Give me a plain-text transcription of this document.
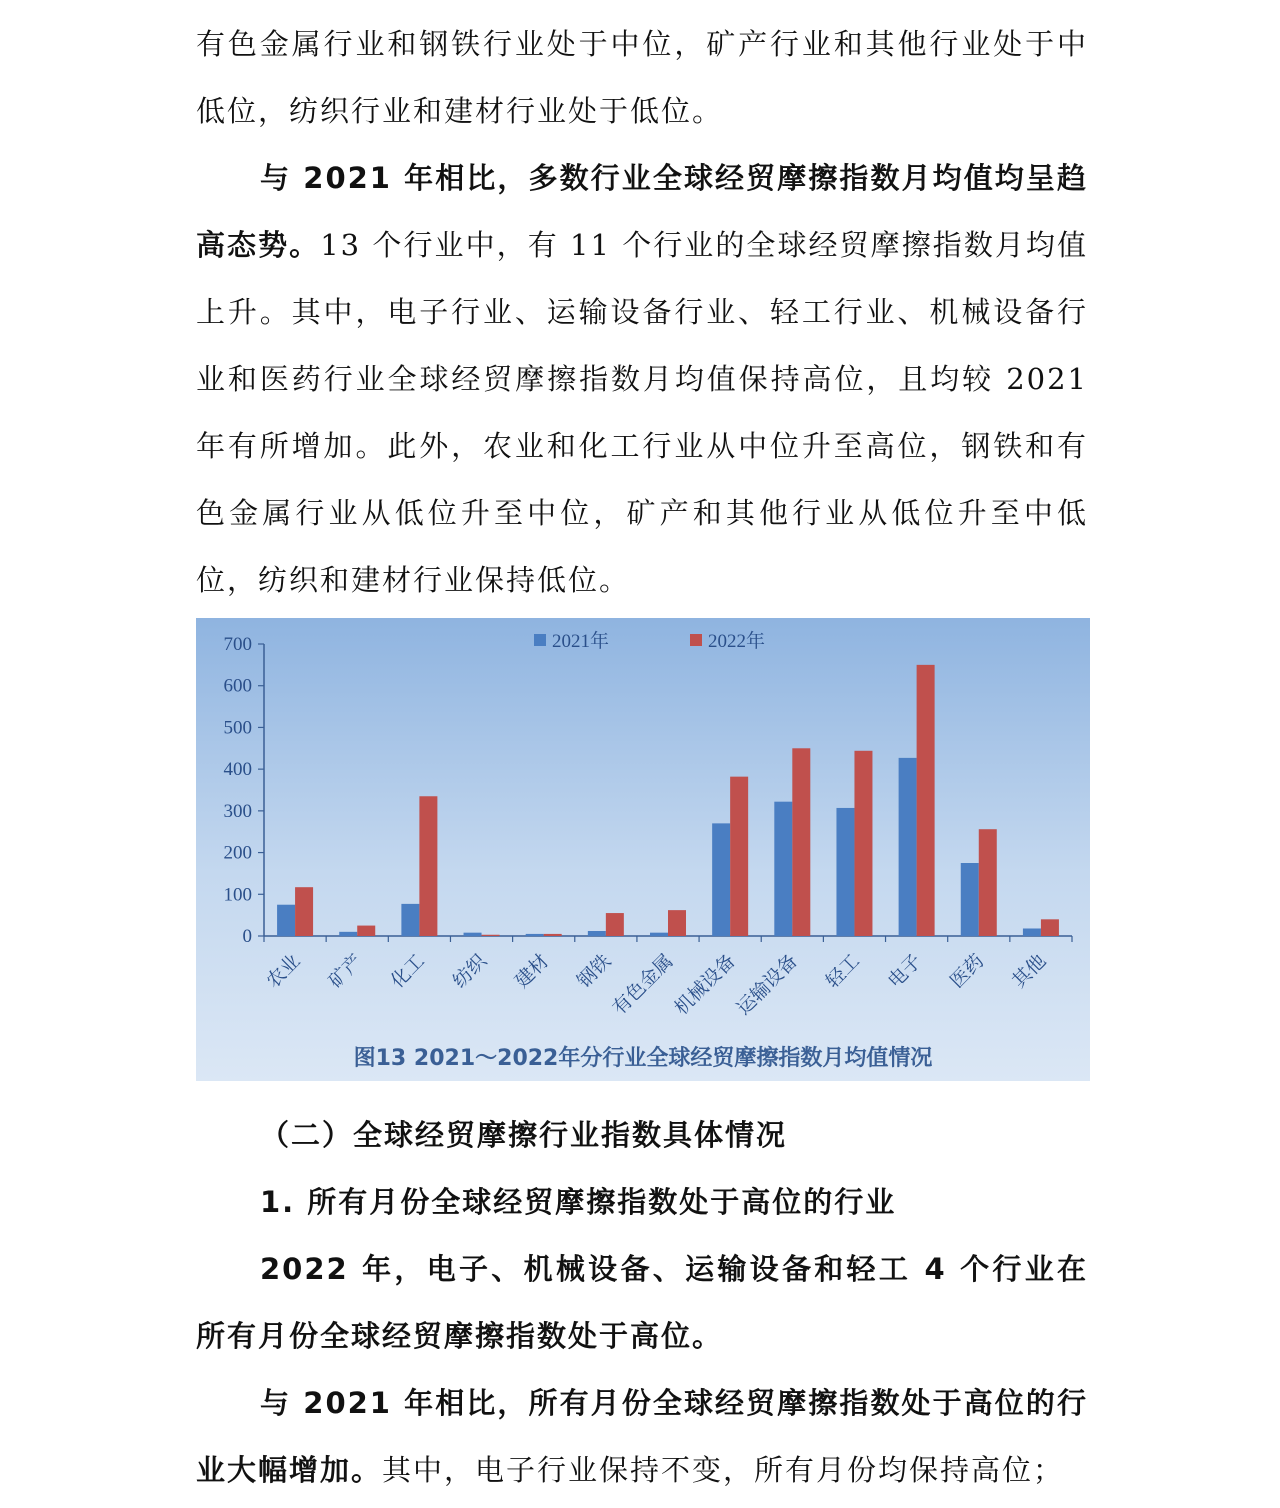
有色金属行业和钢铁行业处于中位，矿产行业和其他行业处于中低位，纺织行业和建材行业处于低位。

与 2021 年相比，多数行业全球经贸摩擦指数月均值均呈趋高态势。13 个行业中，有 11 个行业的全球经贸摩擦指数月均值上升。其中，电子行业、运输设备行业、轻工行业、机械设备行业和医药行业全球经贸摩擦指数月均值保持高位，且均较 2021 年有所增加。此外，农业和化工行业从中位升至高位，钢铁和有色金属行业从低位升至中位，矿产和其他行业从低位升至中低位，纺织和建材行业保持低位。

2021年	2022年
0
100
200
300
400
500
600
700
农业 矿产 化工 纺织 建材 钢铁
有色金属
机械设备
运输设备 轻工 电子 医药 其他
图13 2021～2022年分行业全球经贸摩擦指数月均值情况

（二）全球经贸摩擦行业指数具体情况

1. 所有月份全球经贸摩擦指数处于高位的行业

2022 年，电子、机械设备、运输设备和轻工 4 个行业在所有月份全球经贸摩擦指数处于高位。

与 2021 年相比，所有月份全球经贸摩擦指数处于高位的行业大幅增加。其中，电子行业保持不变，所有月份均保持高位；
